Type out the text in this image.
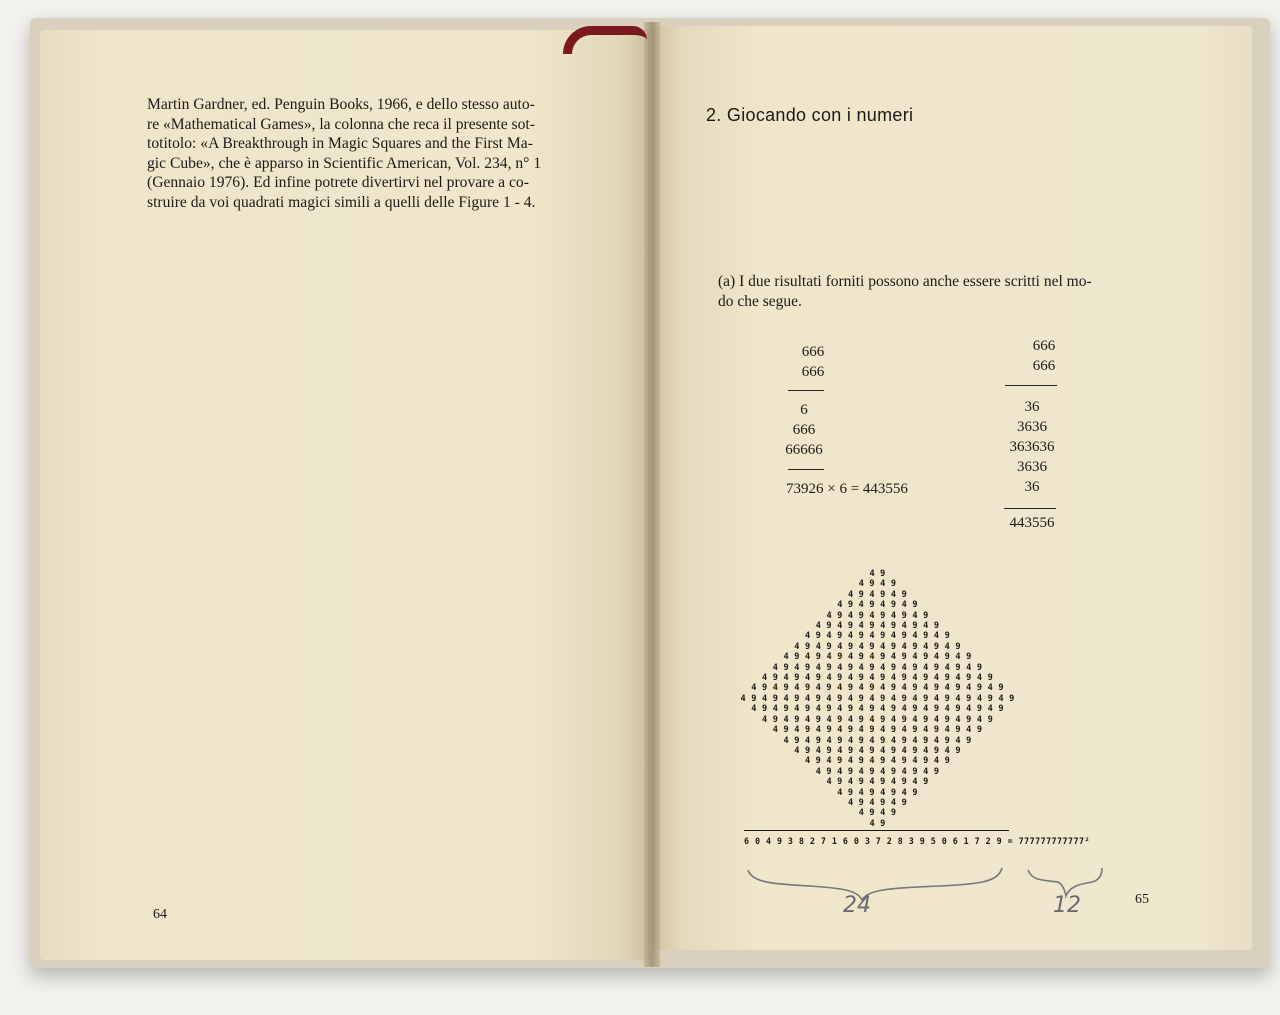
Martin Gardner, ed. Penguin Books, 1966, e dello stesso auto-
re «Mathematical Games», la colonna che reca il presente sot-
totitolo: «A Breakthrough in Magic Squares and the First Ma-
gic Cube», che è apparso in Scientific American, Vol. 234, n° 1
(Gennaio 1976). Ed infine potrete divertirvi nel provare a co-
struire da voi quadrati magici simili a quelli delle Figure 1 - 4.
64
2. Giocando con i numeri
(a) I due risultati forniti possono anche essere scritti nel mo-
do che segue.
666
666
6
666
66666
73926 × 6 = 443556
666
666
36
3636
363636
3636
36
443556
4 9
4 9 4 9
4 9 4 9 4 9
4 9 4 9 4 9 4 9
4 9 4 9 4 9 4 9 4 9
4 9 4 9 4 9 4 9 4 9 4 9
4 9 4 9 4 9 4 9 4 9 4 9 4 9
4 9 4 9 4 9 4 9 4 9 4 9 4 9 4 9
4 9 4 9 4 9 4 9 4 9 4 9 4 9 4 9 4 9
4 9 4 9 4 9 4 9 4 9 4 9 4 9 4 9 4 9 4 9
4 9 4 9 4 9 4 9 4 9 4 9 4 9 4 9 4 9 4 9 4 9
4 9 4 9 4 9 4 9 4 9 4 9 4 9 4 9 4 9 4 9 4 9 4 9
4 9 4 9 4 9 4 9 4 9 4 9 4 9 4 9 4 9 4 9 4 9 4 9 4 9
4 9 4 9 4 9 4 9 4 9 4 9 4 9 4 9 4 9 4 9 4 9 4 9
4 9 4 9 4 9 4 9 4 9 4 9 4 9 4 9 4 9 4 9 4 9
4 9 4 9 4 9 4 9 4 9 4 9 4 9 4 9 4 9 4 9
4 9 4 9 4 9 4 9 4 9 4 9 4 9 4 9 4 9
4 9 4 9 4 9 4 9 4 9 4 9 4 9 4 9
4 9 4 9 4 9 4 9 4 9 4 9 4 9
4 9 4 9 4 9 4 9 4 9 4 9
4 9 4 9 4 9 4 9 4 9
4 9 4 9 4 9 4 9
4 9 4 9 4 9
4 9 4 9
4 9
6 0 4 9 3 8 2 7 1 6 0 3 7 2 8 3 9 5 0 6 1 7 2 9 = 777777777777²
24	12	65
